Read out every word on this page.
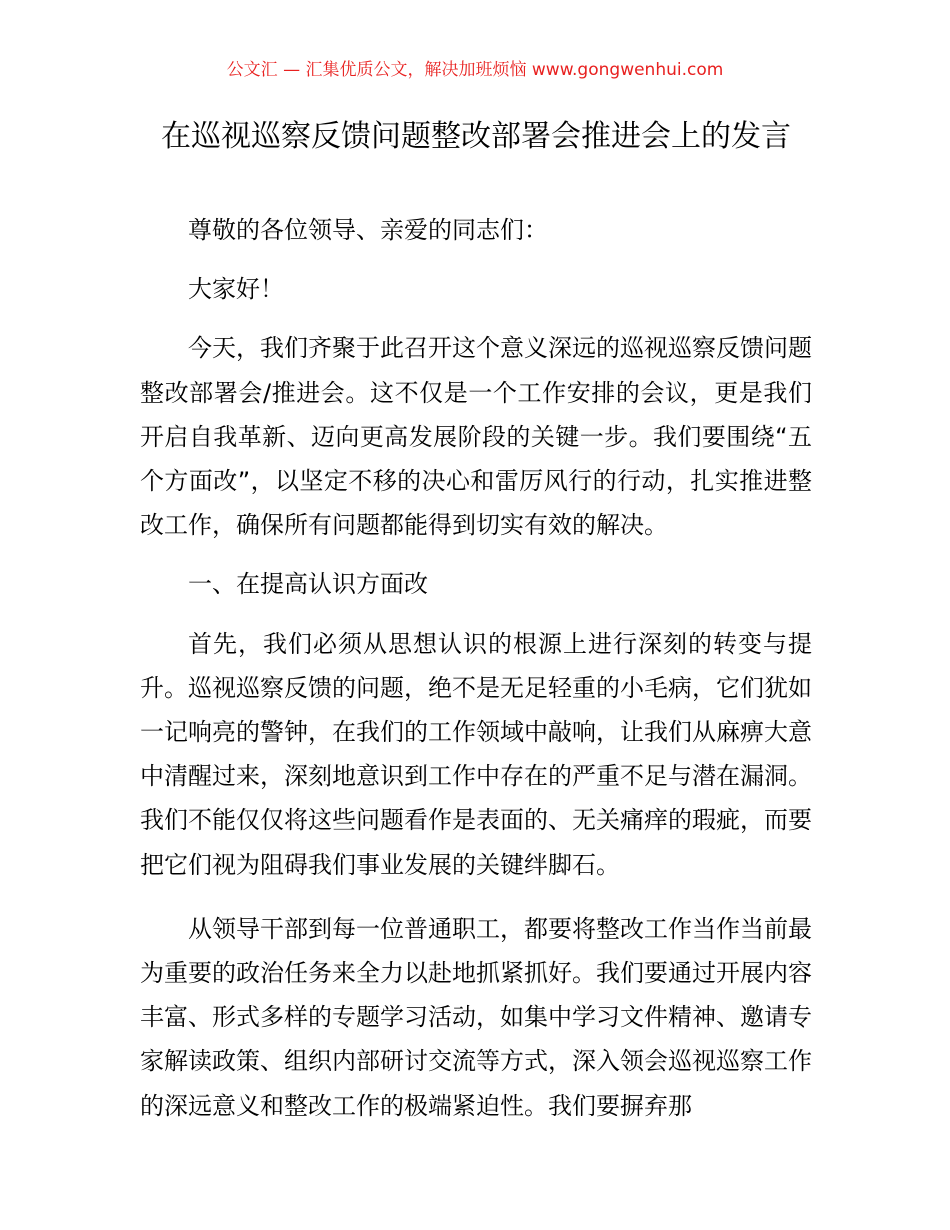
公文汇 — 汇集优质公文，解决加班烦恼 www.gongwenhui.com
在巡视巡察反馈问题整改部署会推进会上的发言

尊敬的各位领导、亲爱的同志们：

大家好！

今天，我们齐聚于此召开这个意义深远的巡视巡察反馈问题整改部署会/推进会。这不仅是一个工作安排的会议，更是我们开启自我革新、迈向更高发展阶段的关键一步。我们要围绕“五个方面改”，以坚定不移的决心和雷厉风行的行动，扎实推进整改工作，确保所有问题都能得到切实有效的解决。

一、在提高认识方面改

首先，我们必须从思想认识的根源上进行深刻的转变与提升。巡视巡察反馈的问题，绝不是无足轻重的小毛病，它们犹如一记响亮的警钟，在我们的工作领域中敲响，让我们从麻痹大意中清醒过来，深刻地意识到工作中存在的严重不足与潜在漏洞。我们不能仅仅将这些问题看作是表面的、无关痛痒的瑕疵，而要把它们视为阻碍我们事业发展的关键绊脚石。

从领导干部到每一位普通职工，都要将整改工作当作当前最为重要的政治任务来全力以赴地抓紧抓好。我们要通过开展内容丰富、形式多样的专题学习活动，如集中学习文件精神、邀请专家解读政策、组织内部研讨交流等方式，深入领会巡视巡察工作的深远意义和整改工作的极端紧迫性。我们要摒弃那
